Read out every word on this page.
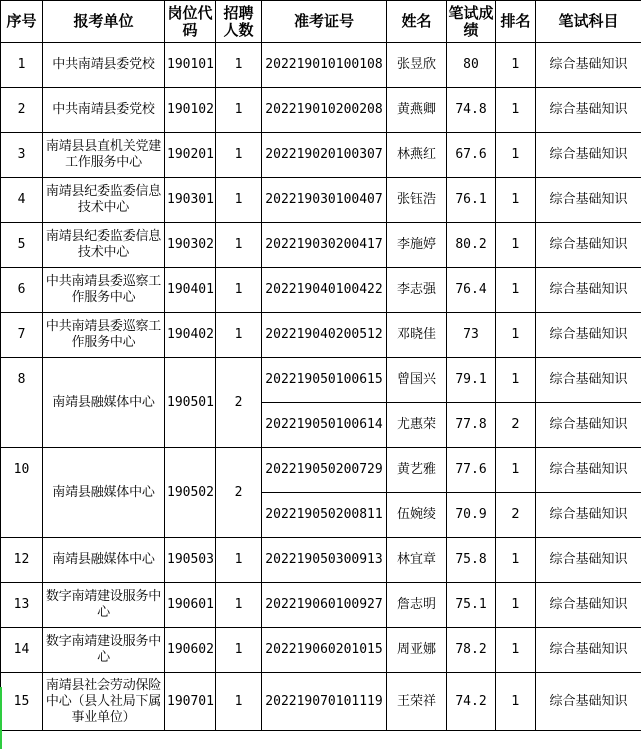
序号	报考单位	岗位代码	招聘人数	准考证号	姓名	笔试成绩	排名	笔试科目
1	中共南靖县委党校	190101	1	202219010100108	张昱欣	80	1	综合基础知识
2	中共南靖县委党校	190102	1	202219010200208	黄燕卿	74.8	1	综合基础知识
3	南靖县县直机关党建工作服务中心	190201	1	202219020100307	林燕红	67.6	1	综合基础知识
4	南靖县纪委监委信息技术中心	190301	1	202219030100407	张钰浩	76.1	1	综合基础知识
5	南靖县纪委监委信息技术中心	190302	1	202219030200417	李施婷	80.2	1	综合基础知识
6	中共南靖县委巡察工作服务中心	190401	1	202219040100422	李志强	76.4	1	综合基础知识
7	中共南靖县委巡察工作服务中心	190402	1	202219040200512	邓晓佳	73	1	综合基础知识
8	南靖县融媒体中心	190501	2	202219050100615	曾国兴	79.1	1	综合基础知识
				202219050100614	尤惠荣	77.8	2	综合基础知识
10	南靖县融媒体中心	190502	2	202219050200729	黄艺雅	77.6	1	综合基础知识
				202219050200811	伍婉绫	70.9	2	综合基础知识
12	南靖县融媒体中心	190503	1	202219050300913	林宜章	75.8	1	综合基础知识
13	数字南靖建设服务中心	190601	1	202219060100927	詹志明	75.1	1	综合基础知识
14	数字南靖建设服务中心	190602	1	202219060201015	周亚娜	78.2	1	综合基础知识
15	南靖县社会劳动保险中心（县人社局下属事业单位）	190701	1	202219070101119	王荣祥	74.2	1	综合基础知识
